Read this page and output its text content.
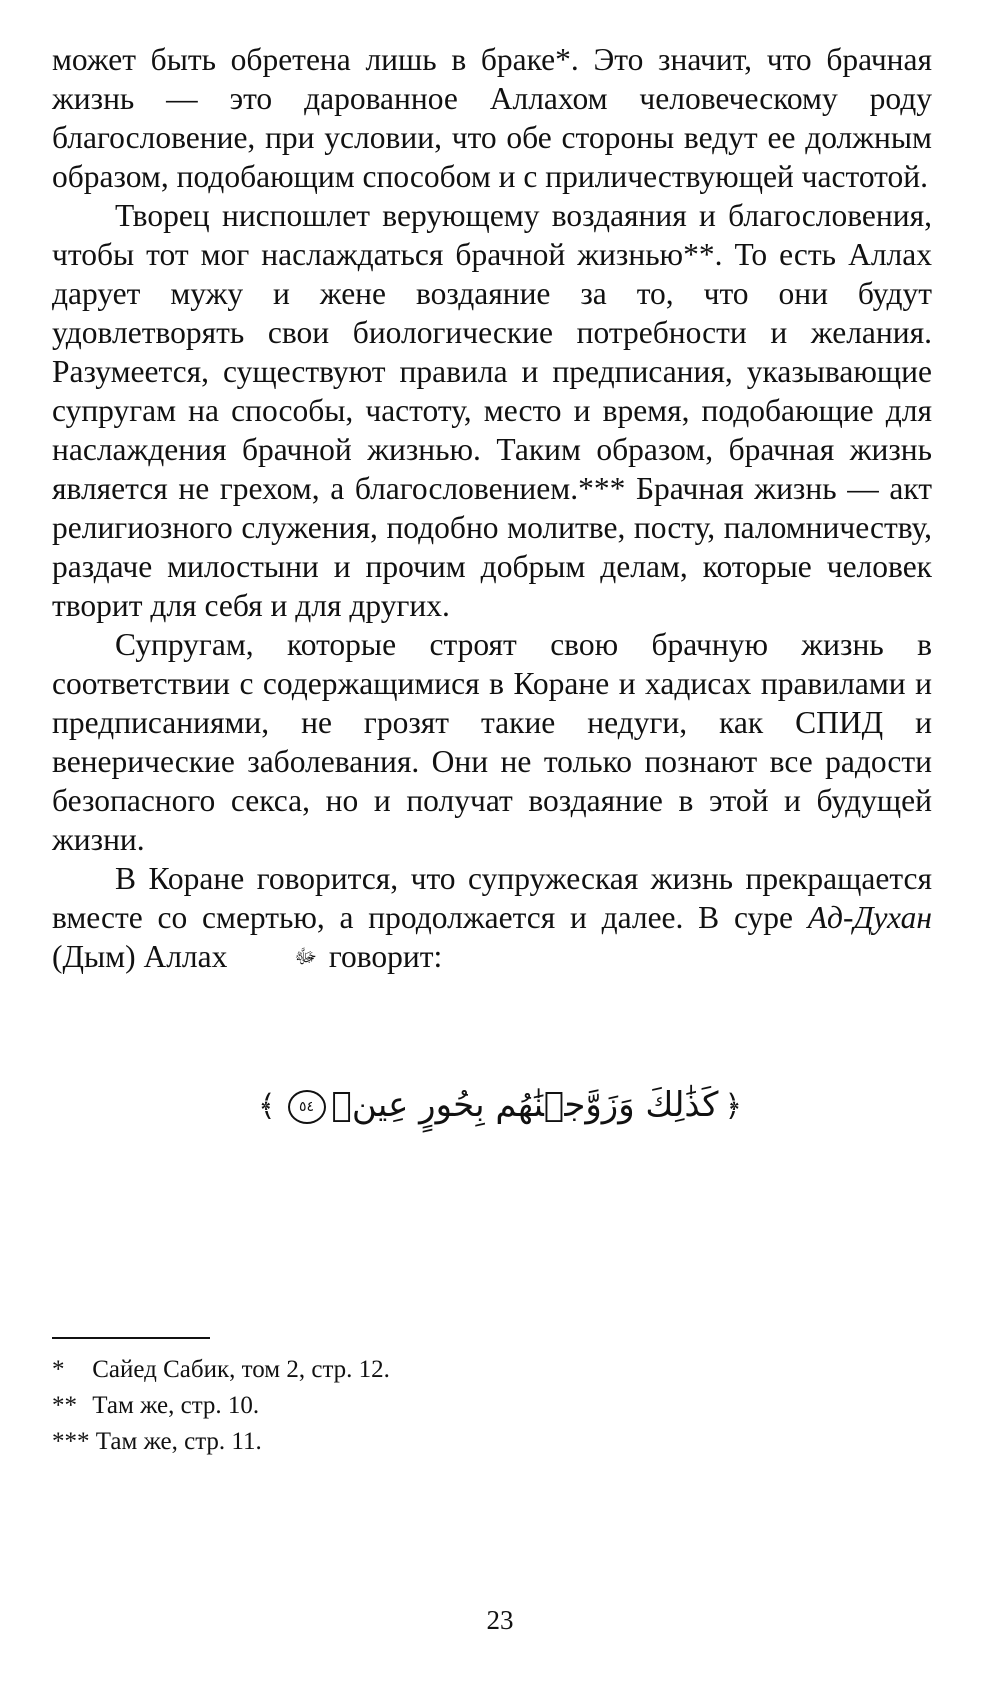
может быть обретена лишь в браке*. Это значит, что брачная жизнь — это дарованное Аллахом человеческому роду благословение, при условии, что обе стороны ведут ее должным образом, подобающим способом и с приличествующей частотой.

Творец ниспошлет верующему воздаяния и благословения, чтобы тот мог наслаждаться брачной жизнью**. То есть Аллах дарует мужу и жене воздаяние за то, что они будут удовлетворять свои биологические потребности и желания. Разумеется, существуют правила и предписания, указывающие супругам на способы, частоту, место и время, подобающие для наслаждения брачной жизнью. Таким образом, брачная жизнь является не грехом, а благословением.*** Брачная жизнь — акт религиозного служения, подобно молитве, посту, паломничеству, раздаче милостыни и прочим добрым делам, которые человек творит для себя и для других.

Супругам, которые строят свою брачную жизнь в соответствии с содержащимися в Коране и хадисах правилами и предписаниями, не грозят такие недуги, как СПИД и венерические заболевания. Они не только познают все радости безопасного секса, но и получат воздаяние в этой и будущей жизни.

В Коране говорится, что супружеская жизнь прекращается вместе со смертью, а продолжается и далее. В суре Ад-Духан (Дым) Аллах	ﷻ говорит:

﴿كَذَٰلِكَ وَزَوَّجۡنَٰهُم بِحُورٍ عِينٖ٥٤﴾
* Сайед Сабик, том 2, стр. 12.
** Там же, стр. 10.
*** Там же, стр. 11.
23
